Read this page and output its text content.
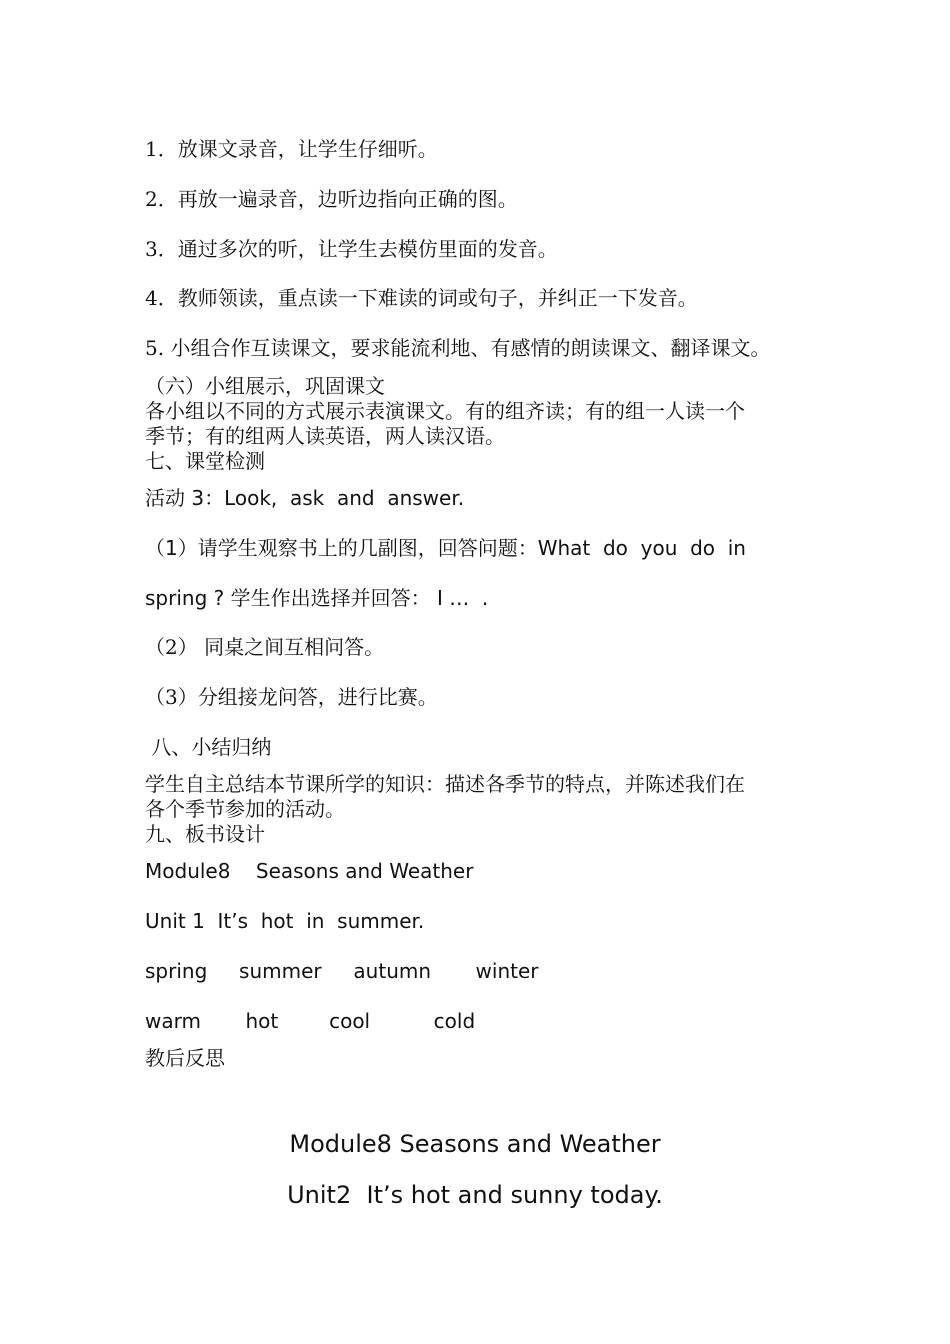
1．放课文录音，让学生仔细听。
2．再放一遍录音，边听边指向正确的图。
3．通过多次的听，让学生去模仿里面的发音。
4．教师领读，重点读一下难读的词或句子，并纠正一下发音。
5. 小组合作互读课文，要求能流利地、有感情的朗读课文、翻译课文。
（六）小组展示，巩固课文
各小组以不同的方式展示表演课文。有的组齐读；有的组一人读一个
季节；有的组两人读英语，两人读汉语。
七、课堂检测
活动 3：Look,  ask  and  answer.
（1）请学生观察书上的几副图，回答问题：What  do  you  do  in
spring ? 学生作出选择并回答： I …  .
（2） 同桌之间互相问答。
（3）分组接龙问答，进行比赛。
八、小结归纳
学生自主总结本节课所学的知识：描述各季节的特点，并陈述我们在
各个季节参加的活动。
九、板书设计
Module8    Seasons and Weather
Unit 1  It’s  hot  in  summer.
spring     summer     autumn       winter
warm       hot        cool          cold
教后反思
Module8 Seasons and Weather
Unit2  It’s hot and sunny today.
